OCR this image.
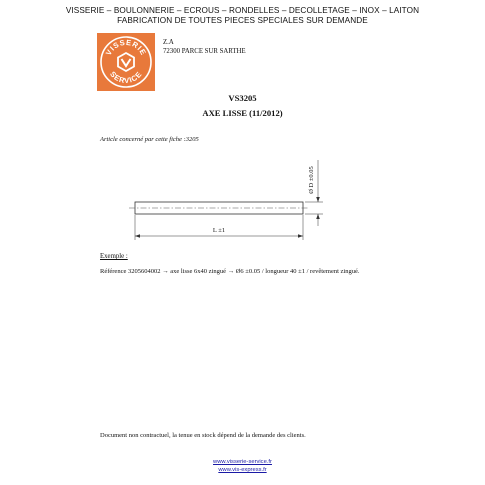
VISSERIE – BOULONNERIE – ECROUS – RONDELLES – DECOLLETAGE – INOX – LAITON
FABRICATION DE TOUTES PIECES SPECIALES SUR DEMANDE
VISSERIE
SERVICE
Z.A
72300 PARCE SUR SARTHE
VS3205
AXE LISSE (11/2012)
Article concerné par cette fiche :3205
Ø D ±0.05
L ±1
Exemple :
Référence 3205604002 → axe lisse 6x40 zingué → Ø6 ±0.05 / longueur 40 ±1 / revêtement zingué.
Document non contractuel, la tenue en stock dépend de la demande des clients.
www.visserie-service.fr
www.vis-express.fr
